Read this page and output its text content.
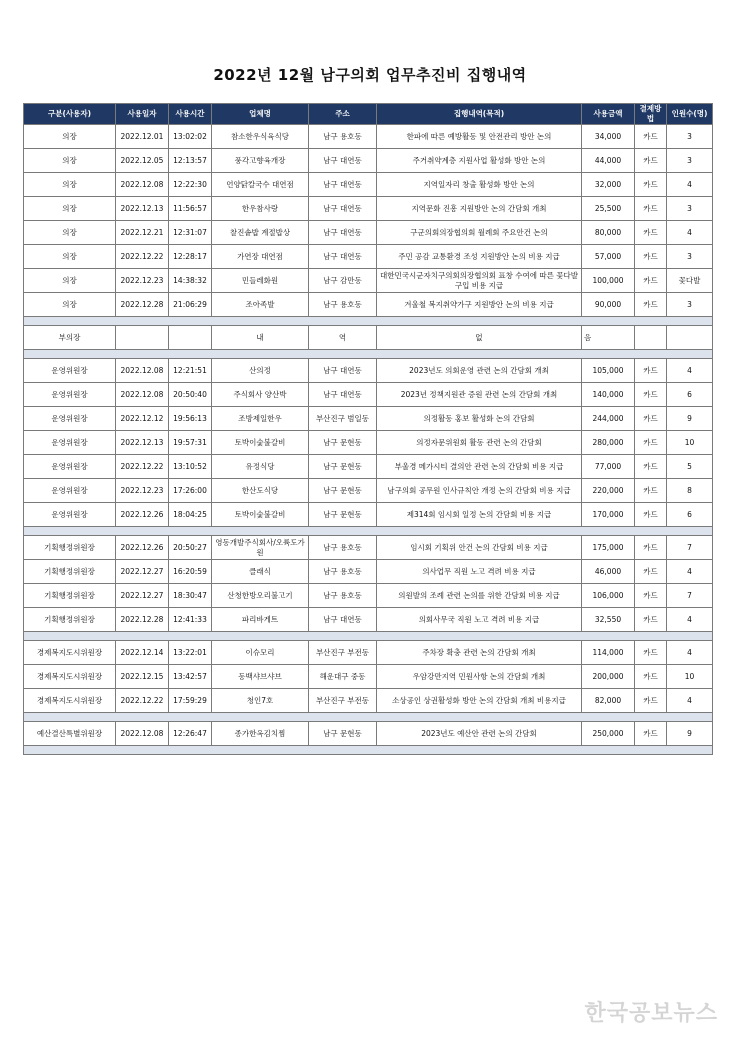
2022년 12월 남구의회 업무추진비 집행내역
구분(사용자)	사용일자	사용시간	업체명	주소	집행내역(목적)	사용금액	결제방법	인원수(명)
의장	2022.12.01	13:02:02	참소한우식육식당	남구 용호동	한파에 따른 예방활동 및 안전관리 방안 논의	34,000	카드	3
의장	2022.12.05	12:13:57	풍각고향육개장	남구 대연동	주거취약계층 지원사업 활성화 방안 논의	44,000	카드	3
의장	2022.12.08	12:22:30	언양닭칼국수 대연점	남구 대연동	지역일자리 창출 활성화 방안 논의	32,000	카드	4
의장	2022.12.13	11:56:57	한우참사랑	남구 대연동	지역문화 진흥 지원방안 논의 간담회 개최	25,500	카드	3
의장	2022.12.21	12:31:07	찰진솥밥 계절밥상	남구 대연동	구군의회의장협의회 월례회 주요안건 논의	80,000	카드	4
의장	2022.12.22	12:28:17	가연장 대연점	남구 대연동	주민 공감 교통환경 조성 지원방안 논의 비용 지급	57,000	카드	3
의장	2022.12.23	14:38:32	민들레화원	남구 감만동	대한민국시군자치구의회의장협의회 표창 수여에 따른 꽃다발 구입 비용 지급	100,000	카드	꽃다발
의장	2022.12.28	21:06:29	조아족발	남구 용호동	겨울철 복지취약가구 지원방안 논의 비용 지급	90,000	카드	3

부의장			내	역	없	음		

운영위원장	2022.12.08	12:21:51	산의정	남구 대연동	2023년도 의회운영 관련 논의 간담회 개최	105,000	카드	4
운영위원장	2022.12.08	20:50:40	주식회사 양산박	남구 대연동	2023년 정책지원관 증원 관련 논의 간담회 개최	140,000	카드	6
운영위원장	2022.12.12	19:56:13	조방제일한우	부산진구 범일동	의정활동 홍보 활성화 논의 간담회	244,000	카드	9
운영위원장	2022.12.13	19:57:31	토박이숯불갈비	남구 문현동	의정자문위원회 활동 관련 논의 간담회	280,000	카드	10
운영위원장	2022.12.22	13:10:52	유정식당	남구 문현동	부울경 메가시티 결의안 관련 논의 간담회 비용 지급	77,000	카드	5
운영위원장	2022.12.23	17:26:00	한산도식당	남구 문현동	남구의회 공무원 인사규칙안 개정 논의 간담회 비용 지급	220,000	카드	8
운영위원장	2022.12.26	18:04:25	토박이숯불갈비	남구 문현동	제314회 임시회 일정 논의 간담회 비용 지급	170,000	카드	6

기획행정위원장	2022.12.26	20:50:27	영동개발주식회사/오륙도가원	남구 용호동	임시회 기획위 안건 논의 간담회 비용 지급	175,000	카드	7
기획행정위원장	2022.12.27	16:20:59	클래식	남구 용호동	의사업무 직원 노고 격려 비용 지급	46,000	카드	4
기획행정위원장	2022.12.27	18:30:47	산청한방오리불고기	남구 용호동	의원발의 조례 관련 논의를 위한 간담회 비용 지급	106,000	카드	7
기획행정위원장	2022.12.28	12:41:33	파리바게트	남구 대연동	의회사무국 직원 노고 격려 비용 지급	32,550	카드	4

경제복지도시위원장	2022.12.14	13:22:01	이슈모리	부산진구 부전동	주차장 확충 관련 논의 간담회 개최	114,000	카드	4
경제복지도시위원장	2022.12.15	13:42:57	동백샤브샤브	해운대구 중동	우암강만지역 민원사항 논의 간담회 개최	200,000	카드	10
경제복지도시위원장	2022.12.22	17:59:29	청인7호	부산진구 부전동	소상공인 상권활성화 방안 논의 간담회 개최 비용지급	82,000	카드	4

예산결산특별위원장	2022.12.08	12:26:47	종가한옥김치찜	남구 문현동	2023년도 예산안 관련 논의 간담회	250,000	카드	9

한국공보뉴스
